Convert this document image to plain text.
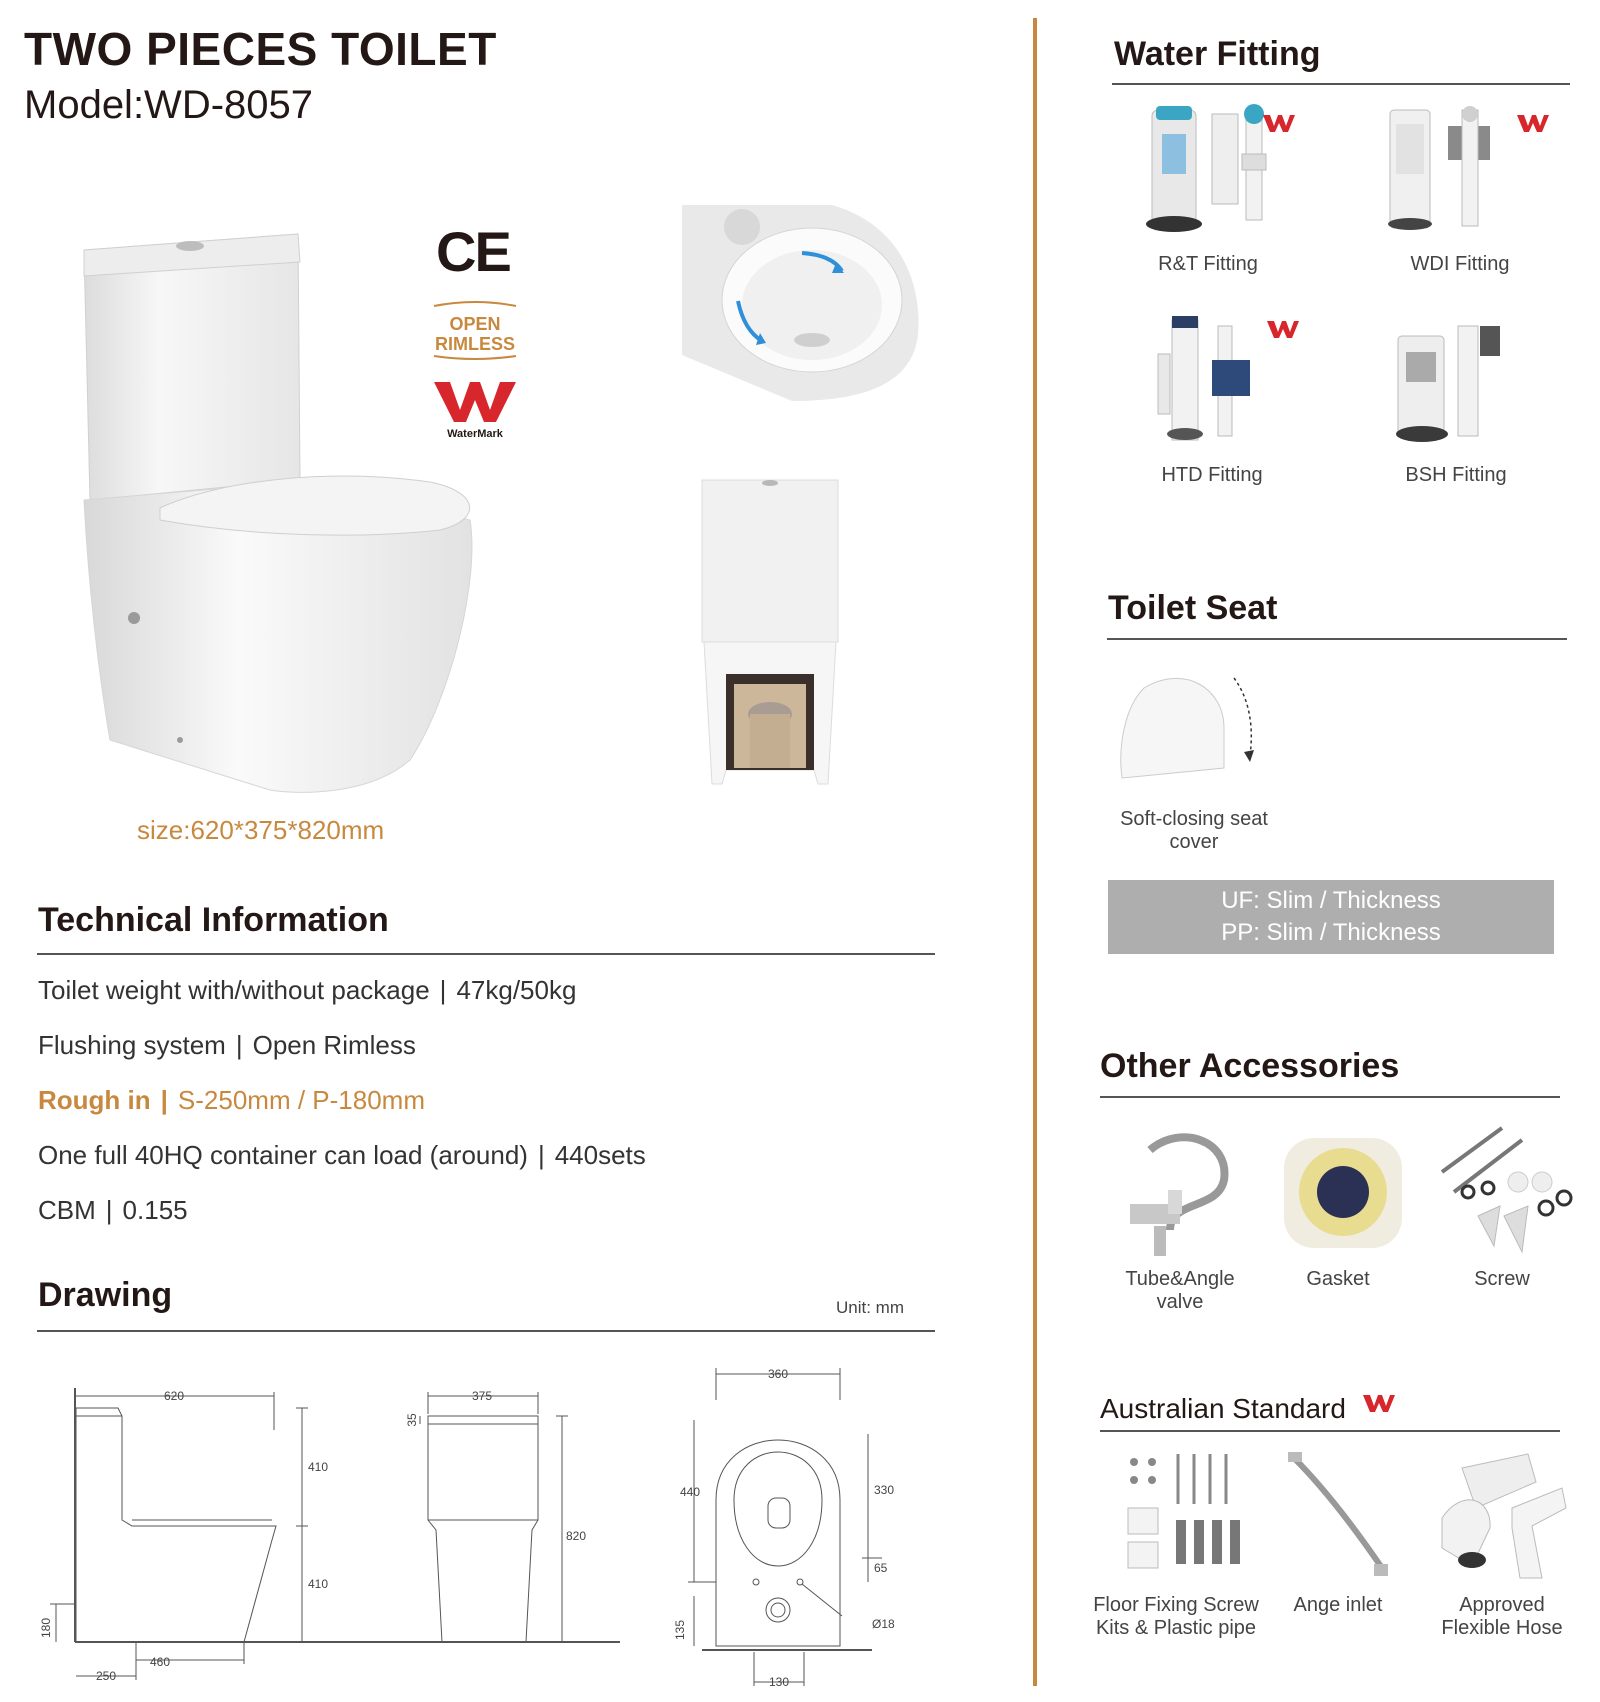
TWO PIECES TOILET
Model:WD-8057
CE
OPEN
RIMLESS
WaterMark
size:620*375*820mm
Technical Information
Toilet weight with/without package | 47kg/50kg
Flushing system | Open Rimless
Rough in | S-250mm / P-180mm
One full 40HQ container can load (around) | 440sets
CBM | 0.155
Drawing	Unit: mm
620
410
410
180
250
460
375
35
820
360
440	330
65
135	Ø18
130
Water Fitting
R&T Fitting	WDI Fitting
HTD Fitting	BSH Fitting
Toilet Seat
Soft-closing seat
cover
UF: Slim / Thickness
PP: Slim / Thickness
Other Accessories
Tube&Angle
valve
Gasket	Screw
Australian Standard
Floor Fixing Screw
Kits & Plastic pipe
Ange inlet	Approved
Flexible Hose
